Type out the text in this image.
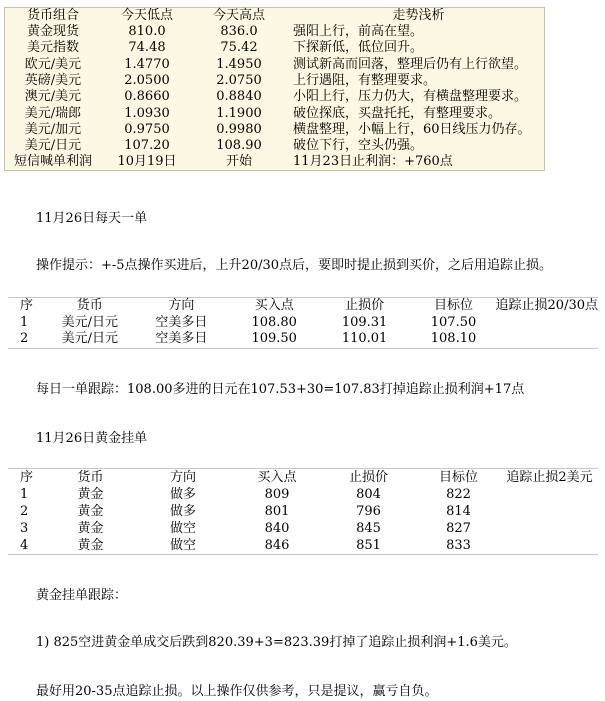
货币组合	今天低点	今天高点	走势浅析
黄金现货	810.0	836.0	强阳上行，前高在望。
美元指数	74.48	75.42	下探新低，低位回升。
欧元/美元	1.4770	1.4950	测试新高而回落，整理后仍有上行欲望。
英磅/美元	2.0500	2.0750	上行遇阻，有整理要求。
澳元/美元	0.8660	0.8840	小阳上行，压力仍大，有横盘整理要求。
美元/瑞郎	1.0930	1.1900	破位探底，买盘托托，有整理要求。
美元/加元	0.9750	0.9980	横盘整理，小幅上行，60日线压力仍存。
美元/日元	107.20	108.90	破位下行，空头仍强。
短信喊单利润	10月19日	开始	11月23日止利润：+760点
11月26日每天一单
操作提示：+-5点操作买进后，上升20/30点后，要即时提止损到买价，之后用追踪止损。
序	货币	方向	买入点	止损价	目标位	追踪止损20/30点
1	美元/日元	空美多日	108.80	109.31	107.50	
2	美元/日元	空美多日	109.50	110.01	108.10	
每日一单跟踪：108.00多进的日元在107.53+30=107.83打掉追踪止损利润+17点
11月26日黄金挂单
序	货币	方向	买入点	止损价	目标位	追踪止损2美元
1	黄金	做多	809	804	822	
2	黄金	做多	801	796	814	
3	黄金	做空	840	845	827	
4	黄金	做空	846	851	833	
黄金挂单跟踪：
1) 825空进黄金单成交后跌到820.39+3=823.39打掉了追踪止损利润+1.6美元。
最好用20-35点追踪止损。以上操作仅供参考，只是提议，赢亏自负。
